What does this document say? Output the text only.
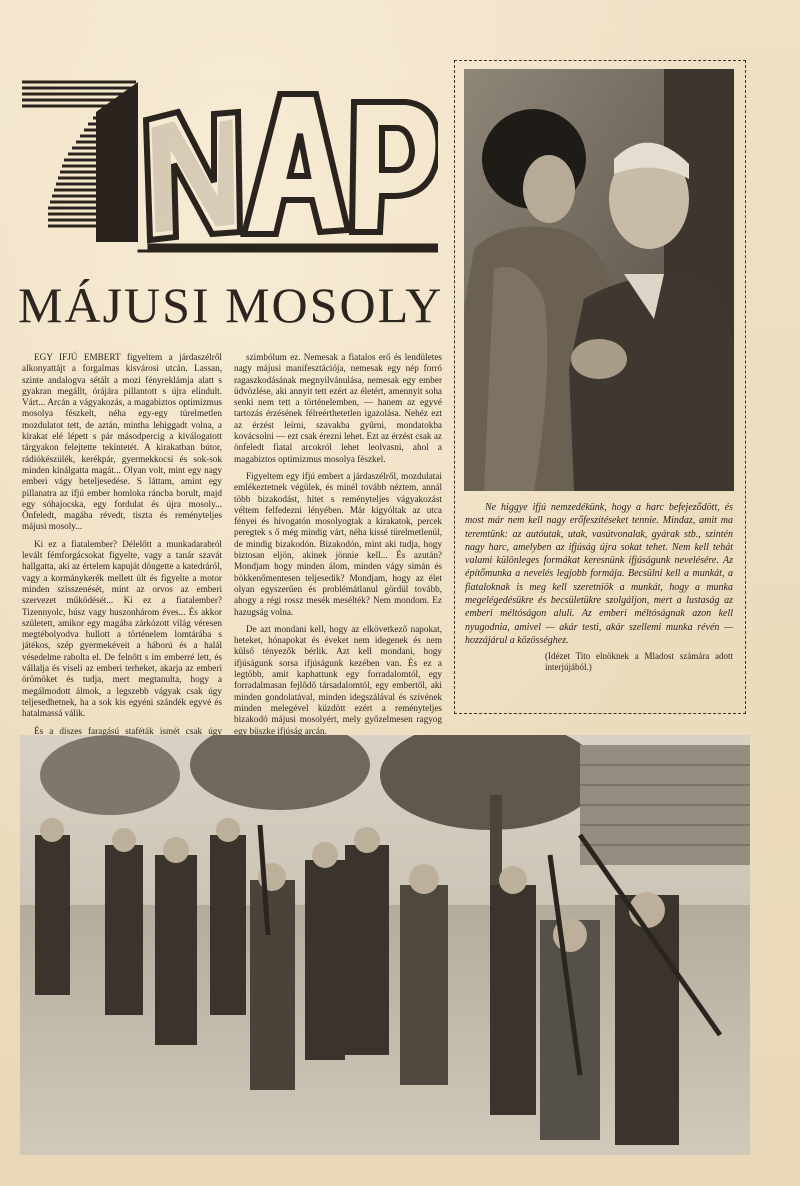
XIV. évfolyam, 22. szám — Szubotica, 1963 május 31
MÁJUSI MOSOLY

EGY IFJÚ EMBERT figyeltem a járdaszélről alkonyattájt a forgalmas kisvárosi utcán. Lassan, szinte andalogva sétált a mozi fényreklámja alatt s gyakran megállt, órájára pillantott s újra elindult. Várt... Arcán a vágyakozás, a magabiztos optimizmus mosolya fészkelt, néha egy-egy türelmetlen mozdulatot tett, de aztán, mintha lehiggadt volna, a kirakat elé lépett s pár másodpercig a kiválogatott tárgyakon felejtette tekintetét. A kirakatban bútor, rádiókészülék, kerékpár, gyermekkocsi és sok-sok minden kínálgatta magát... Olyan volt, mint egy nagy emberi vágy beteljesedése. S láttam, amint egy pillanatra az ifjú ember homloka ráncba borult, majd egy sóhajocska, egy fordulat és újra mosoly... Önfeledt, magába révedt, tiszta és reményteljes májusi mosoly...

Ki ez a fiatalember? Délelőtt a munkadarabról levált fémforgácsokat figyelte, vagy a tanár szavát hallgatta, aki az értelem kapuját döngette a katedráról, vagy a kormánykerék mellett ült és figyelte a motor minden szisszenését, mint az orvos az emberi szervezet működését... Ki ez a fiatalember? Tizennyolc, húsz vagy huszonhárom éves... És akkor született, amikor egy magába zárkózott világ véresen megtébolyodva hullott a történelem lomtárába s játékos, szép gyermekéveit a háború és a halál vésedelme rabolta el. De felnőtt s ím emberré lett, és vállalja és viseli az emberi terheket, akarja az emberi örömöket és tudja, mert megtanulta, hogy a megálmodott álmok, a legszebb vágyak csak úgy teljesedhetnek, ha a sok kis egyéni szándék egyvé és hatalmassá válik.

És a díszes faragású staféták ismét csak úgy

szimbólum ez. Nemesak a fiatalos erő és lendületes nagy májusi manifesztációja, nemesak egy nép forró ragaszkodásának megnyilvánulása, nemesak egy ember üdvözlése, aki annyit tett ezért az életért, amennyit soha senki nem tett a történelemben, — hanem az egyvé tartozás érzésének félreérthetetlen igazolása. Nehéz ezt az érzést leírni, szavakba gyűrni, mondatokba kovácsolni — ezt csak érezni lehet. Ezt az érzést csak az önfeledt fiatal arcokról lehet leolvasni, ahol a magabiztos optimizmus mosolya fészkel.

Figyeltem egy ifjú embert a járdaszélről, mozdulatai emlékeztetnek végülek, és minél tovább néztem, annál több bizakodást, hitet s reményteljes vágyakozást véltem felfedezni lényében. Már kígyóltak az utca fényei és hívogatón mosolyogtak a kirakatok, percek peregtek s ő még mindig várt, néha kissé türelmetlenül, de mindig bizakodón. Bizakodón, mint aki tudja, hogy biztosan eljön, akinek jönnie kell... És azután? Mondjam hogy minden álom, minden vágy simán és bökkenőmentesen teljesedik? Mondjam, hogy az élet olyan egyszerűen és problémátlanul gördül tovább, ahogy a régi rossz mesék mesélték? Nem mondom. Ez hazugság volna.

De azt mondani kell, hogy az elkövetkező napokat, heteket, hónapokat és éveket nem idegenek és nem külső tényezők bérlik. Azt kell mondani, hogy ifjúságunk sorsa ifjúságunk kezében van. És ez a legtöbb, amit kaphattunk egy forradalomtól, egy forradalmasan fejlődő társadalomtól, egy embertől, aki minden gondolatával, minden idegszálával és szívének minden melegével küzdött ezért a reményteljes bizakodó májusi mosolyért, mely győzelmesen ragyog egy büszke ifjúság arcán.

Ne higgye ifjú nemzedékünk, hogy a harc befejeződött, és most már nem kell nagy erőfeszítéseket tennie. Mindaz, amit ma teremtünk: az autóutak, utak, vasútvonalak, gyárak stb., szintén nagy harc, amelyben az ifjúság újra sokat tehet. Nem kell tehát valami különleges formákat keresnünk ifjúságunk nevelésére. Az építőmunka a nevelés legjobb formája. Becsülni kell a munkát, a fiataloknak is meg kell szeretniök a munkát, hogy a munka megelégedésükre és becsületükre szolgáljon, mert a lustaság az emberi méltóságon aluli. Az emberi méltóságnak azon kell nyugodnia, amivel — akár testi, akár szellemi munka révén — hozzájárul a közösséghez.
(Idézet Tito elnöknek a Mladost számára adott interjújából.)
